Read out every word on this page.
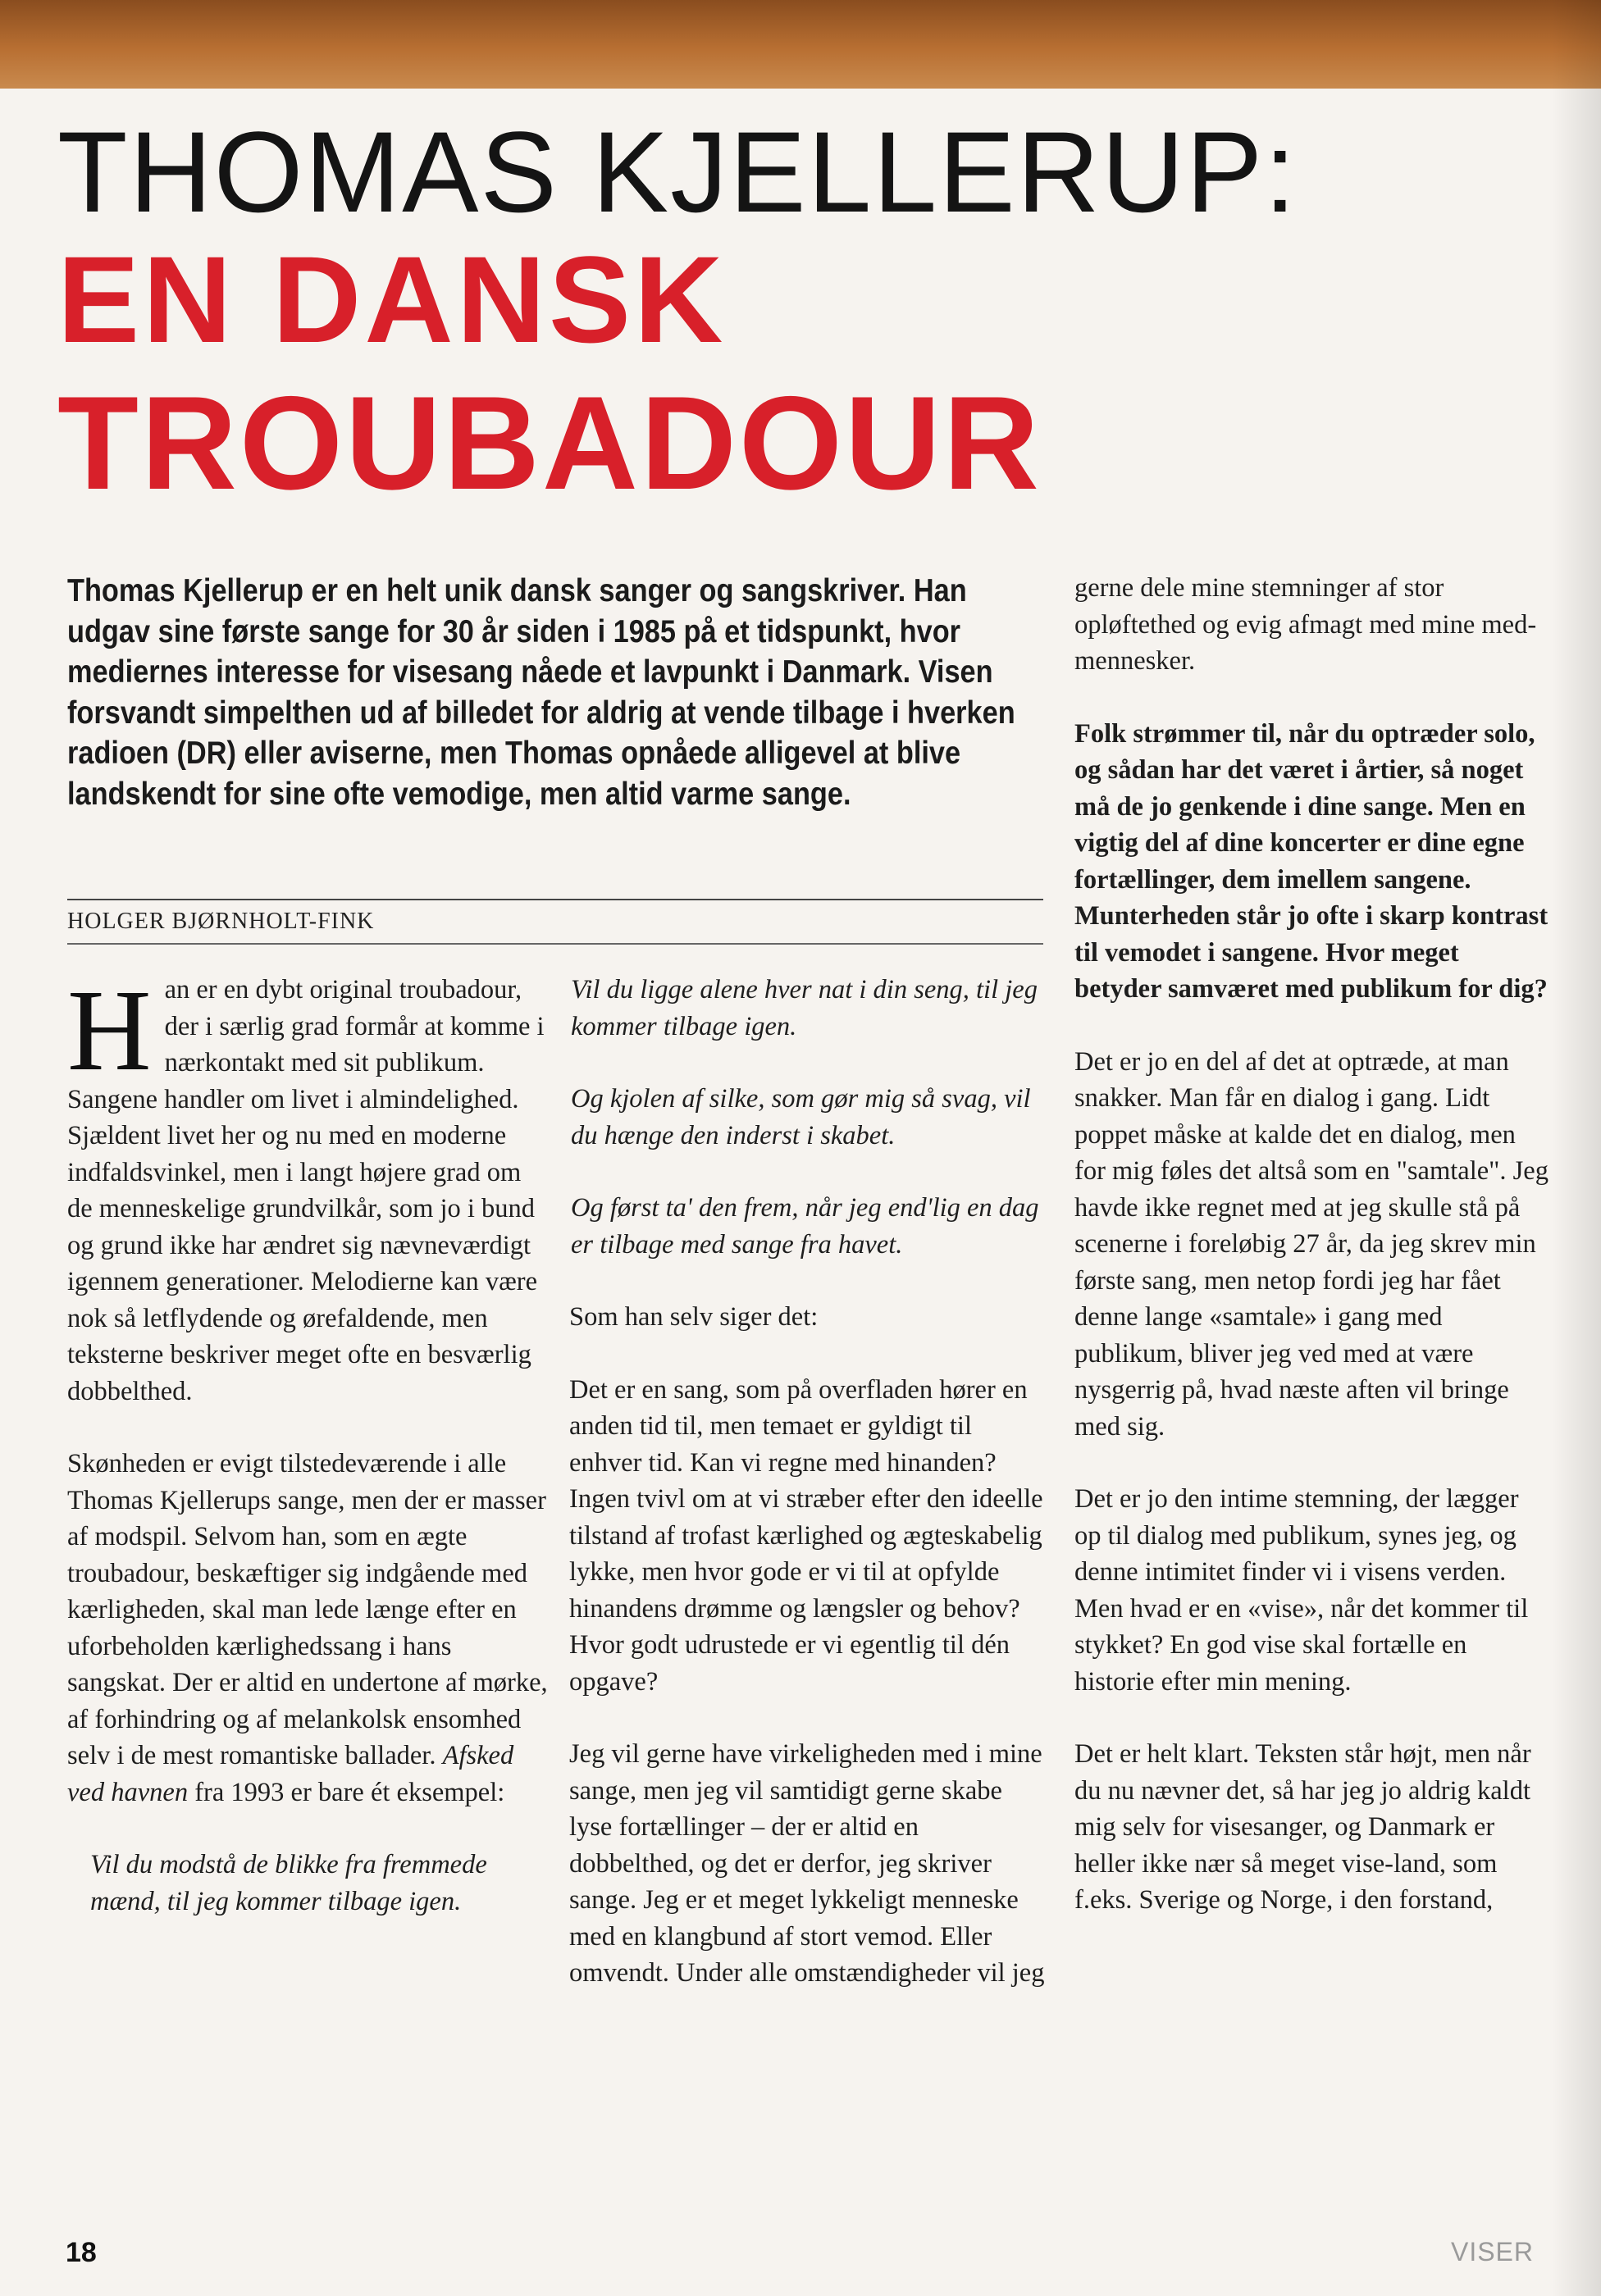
THOMAS KJELLERUP:
EN DANSK
TROUBADOUR

Thomas Kjellerup er en helt unik dansk sanger og sangskriver. Han udgav sine første sange for 30 år siden i 1985 på et tidspunkt, hvor mediernes interesse for visesang nåede et lavpunkt i Danmark. Visen forsvandt simpelthen ud af billedet for aldrig at vende tilbage i hverken radioen (DR) eller aviserne, men Thomas opnåede alligevel at blive landskendt for sine ofte vemodige, men altid varme sange.

HOLGER BJØRNHOLT-FINK

Han er en dybt original troubadour, der i særlig grad formår at komme i nærkontakt med sit publikum. Sangene handler om livet i almindelighed. Sjældent livet her og nu med en moderne indfaldsvinkel, men i langt højere grad om de menneskelige grundvilkår, som jo i bund og grund ikke har ændret sig nævneværdigt igennem generationer. Melodierne kan være nok så letflydende og ørefaldende, men teksterne beskriver meget ofte en besværlig dobbelthed.

Skønheden er evigt tilstedeværende i alle Thomas Kjellerups sange, men der er masser af modspil. Selvom han, som en ægte troubadour, beskæftiger sig indgående med kærligheden, skal man lede længe efter en uforbeholden kærlighedssang i hans sangskat. Der er altid en undertone af mørke, af forhindring og af melankolsk ensomhed selv i de mest romantiske ballader. Afsked ved havnen fra 1993 er bare ét eksempel:

Vil du modstå de blikke fra fremmede mænd, til jeg kommer tilbage igen.

Vil du ligge alene hver nat i din seng, til jeg kommer tilbage igen.

Og kjolen af silke, som gør mig så svag, vil du hænge den inderst i skabet.

Og først ta' den frem, når jeg end'lig en dag er tilbage med sange fra havet.

Som han selv siger det:

Det er en sang, som på overfladen hører en anden tid til, men temaet er gyldigt til enhver tid. Kan vi regne med hinanden? Ingen tvivl om at vi stræber efter den ideelle tilstand af trofast kærlighed og ægteskabelig lykke, men hvor gode er vi til at opfylde hinandens drømme og længsler og behov? Hvor godt udrustede er vi egentlig til dén opgave?

Jeg vil gerne have virkeligheden med i mine sange, men jeg vil samtidigt gerne skabe lyse fortællinger – der er altid en dobbelthed, og det er derfor, jeg skriver sange. Jeg er et meget lykkeligt menneske med en klangbund af stort vemod. Eller omvendt. Under alle omstændigheder vil jeg

gerne dele mine stemninger af stor opløftethed og evig afmagt med mine med-mennesker.

Folk strømmer til, når du optræder solo, og sådan har det været i årtier, så noget må de jo genkende i dine sange. Men en vigtig del af dine koncerter er dine egne fortællinger, dem imellem sangene. Munterheden står jo ofte i skarp kontrast til vemodet i sangene. Hvor meget betyder samværet med publikum for dig?

Det er jo en del af det at optræde, at man snakker. Man får en dialog i gang. Lidt poppet måske at kalde det en dialog, men for mig føles det altså som en "samtale". Jeg havde ikke regnet med at jeg skulle stå på scenerne i foreløbig 27 år, da jeg skrev min første sang, men netop fordi jeg har fået denne lange «samtale» i gang med publikum, bliver jeg ved med at være nysgerrig på, hvad næste aften vil bringe med sig.

Det er jo den intime stemning, der lægger op til dialog med publikum, synes jeg, og denne intimitet finder vi i visens verden. Men hvad er en «vise», når det kommer til stykket? En god vise skal fortælle en historie efter min mening.

Det er helt klart. Teksten står højt, men når du nu nævner det, så har jeg jo aldrig kaldt mig selv for visesanger, og Danmark er heller ikke nær så meget vise-land, som f.eks. Sverige og Norge, i den forstand,

18	VISER
